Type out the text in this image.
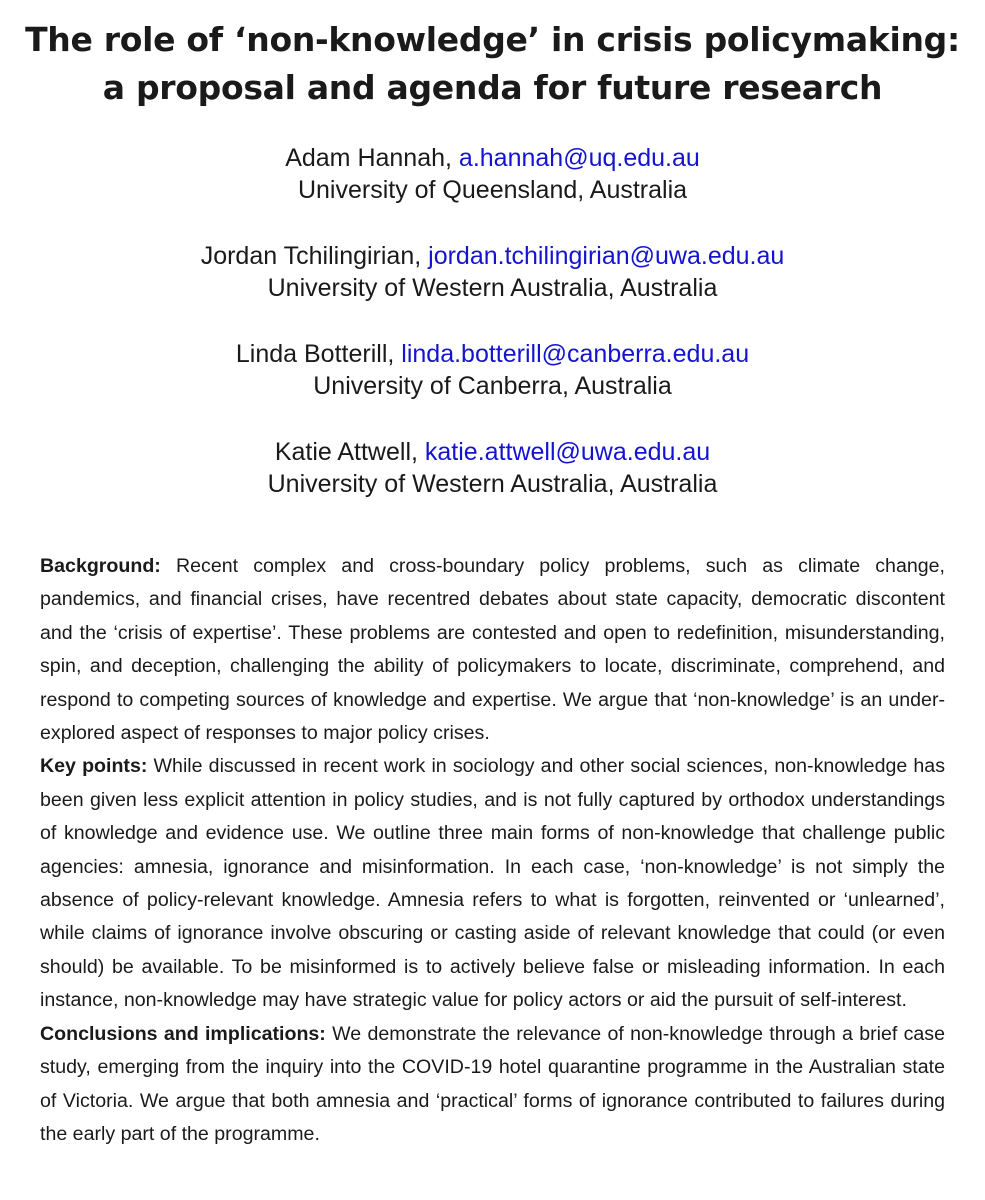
The role of ‘non-knowledge’ in crisis policymaking:
a proposal and agenda for future research
Adam Hannah, a.hannah@uq.edu.au
University of Queensland, Australia
Jordan Tchilingirian, jordan.tchilingirian@uwa.edu.au
University of Western Australia, Australia
Linda Botterill, linda.botterill@canberra.edu.au
University of Canberra, Australia
Katie Attwell, katie.attwell@uwa.edu.au
University of Western Australia, Australia

Background: Recent complex and cross-boundary policy problems, such as climate change, pandemics, and financial crises, have recentred debates about state capacity, democratic discontent and the ‘crisis of expertise’. These problems are contested and open to redefinition, misunderstanding, spin, and deception, challenging the ability of policymakers to locate, discriminate, comprehend, and respond to competing sources of knowledge and expertise. We argue that ‘non-knowledge’ is an under-explored aspect of responses to major policy crises.

Key points: While discussed in recent work in sociology and other social sciences, non-knowledge has been given less explicit attention in policy studies, and is not fully captured by orthodox understandings of knowledge and evidence use. We outline three main forms of non-knowledge that challenge public agencies: amnesia, ignorance and misinformation. In each case, ‘non-knowledge’ is not simply the absence of policy-relevant knowledge. Amnesia refers to what is forgotten, reinvented or ‘unlearned’, while claims of ignorance involve obscuring or casting aside of relevant knowledge that could (or even should) be available. To be misinformed is to actively believe false or misleading information. In each instance, non-knowledge may have strategic value for policy actors or aid the pursuit of self-interest.

Conclusions and implications: We demonstrate the relevance of non-knowledge through a brief case study, emerging from the inquiry into the COVID-19 hotel quarantine programme in the Australian state of Victoria. We argue that both amnesia and ‘practical’ forms of ignorance contributed to failures during the early part of the programme.
